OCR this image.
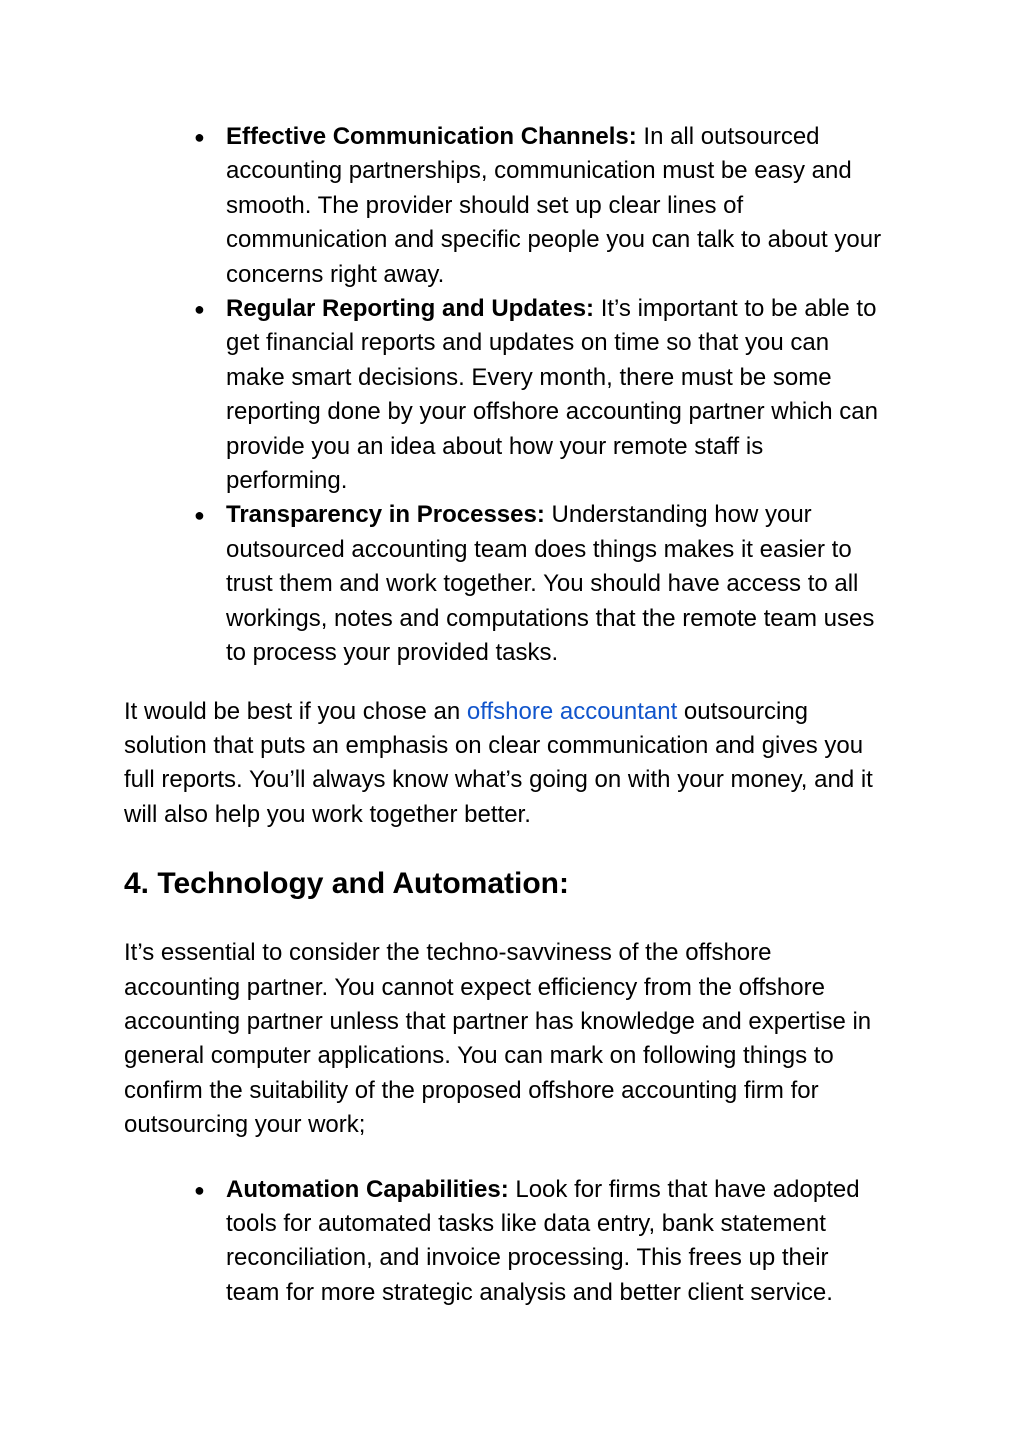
● Effective Communication Channels: In all outsourced accounting partnerships, communication must be easy and smooth. The provider should set up clear lines of communication and specific people you can talk to about your concerns right away.
● Regular Reporting and Updates: It’s important to be able to get financial reports and updates on time so that you can make smart decisions. Every month, there must be some reporting done by your offshore accounting partner which can provide you an idea about how your remote staff is performing.
● Transparency in Processes: Understanding how your outsourced accounting team does things makes it easier to trust them and work together. You should have access to all workings, notes and computations that the remote team uses to process your provided tasks.

It would be best if you chose an offshore accountant outsourcing solution that puts an emphasis on clear communication and gives you full reports. You’ll always know what’s going on with your money, and it will also help you work together better.

4. Technology and Automation:

It’s essential to consider the techno-savviness of the offshore accounting partner. You cannot expect efficiency from the offshore accounting partner unless that partner has knowledge and expertise in general computer applications. You can mark on following things to confirm the suitability of the proposed offshore accounting firm for outsourcing your work;

● Automation Capabilities: Look for firms that have adopted tools for automated tasks like data entry, bank statement reconciliation, and invoice processing. This frees up their team for more strategic analysis and better client service.
